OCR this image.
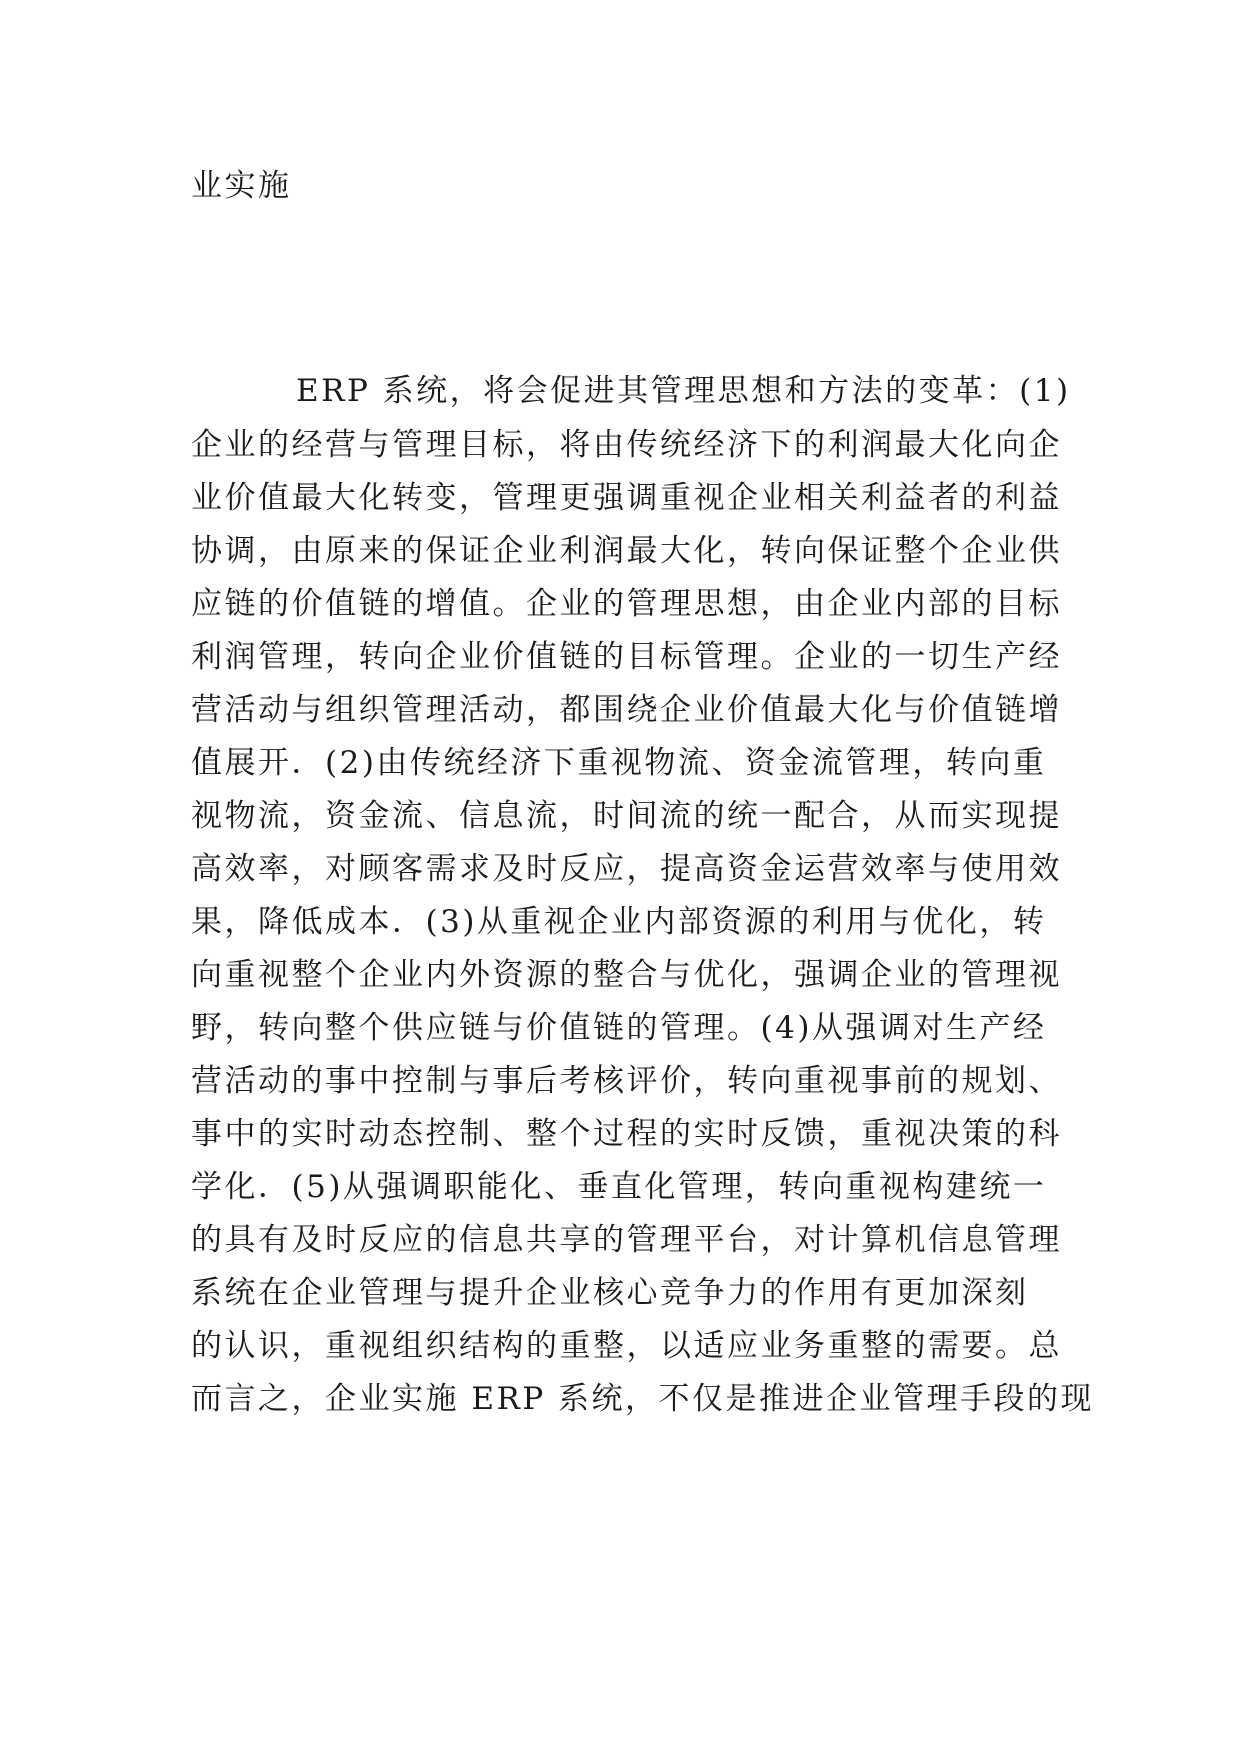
业实施
ERP 系统，将会促进其管理思想和方法的变革：(1)
企业的经营与管理目标，将由传统经济下的利润最大化向企
业价值最大化转变，管理更强调重视企业相关利益者的利益
协调，由原来的保证企业利润最大化，转向保证整个企业供
应链的价值链的增值。企业的管理思想，由企业内部的目标
利润管理，转向企业价值链的目标管理。企业的一切生产经
营活动与组织管理活动，都围绕企业价值最大化与价值链增
值展开．(2)由传统经济下重视物流、资金流管理，转向重
视物流，资金流、信息流，时间流的统一配合，从而实现提
高效率，对顾客需求及时反应，提高资金运营效率与使用效
果，降低成本．(3)从重视企业内部资源的利用与优化，转
向重视整个企业内外资源的整合与优化，强调企业的管理视
野，转向整个供应链与价值链的管理。(4)从强调对生产经
营活动的事中控制与事后考核评价，转向重视事前的规划、
事中的实时动态控制、整个过程的实时反馈，重视决策的科
学化．(5)从强调职能化、垂直化管理，转向重视构建统一
的具有及时反应的信息共享的管理平台，对计算机信息管理
系统在企业管理与提升企业核心竞争力的作用有更加深刻
的认识，重视组织结构的重整，以适应业务重整的需要。总
而言之，企业实施 ERP 系统，不仅是推进企业管理手段的现
